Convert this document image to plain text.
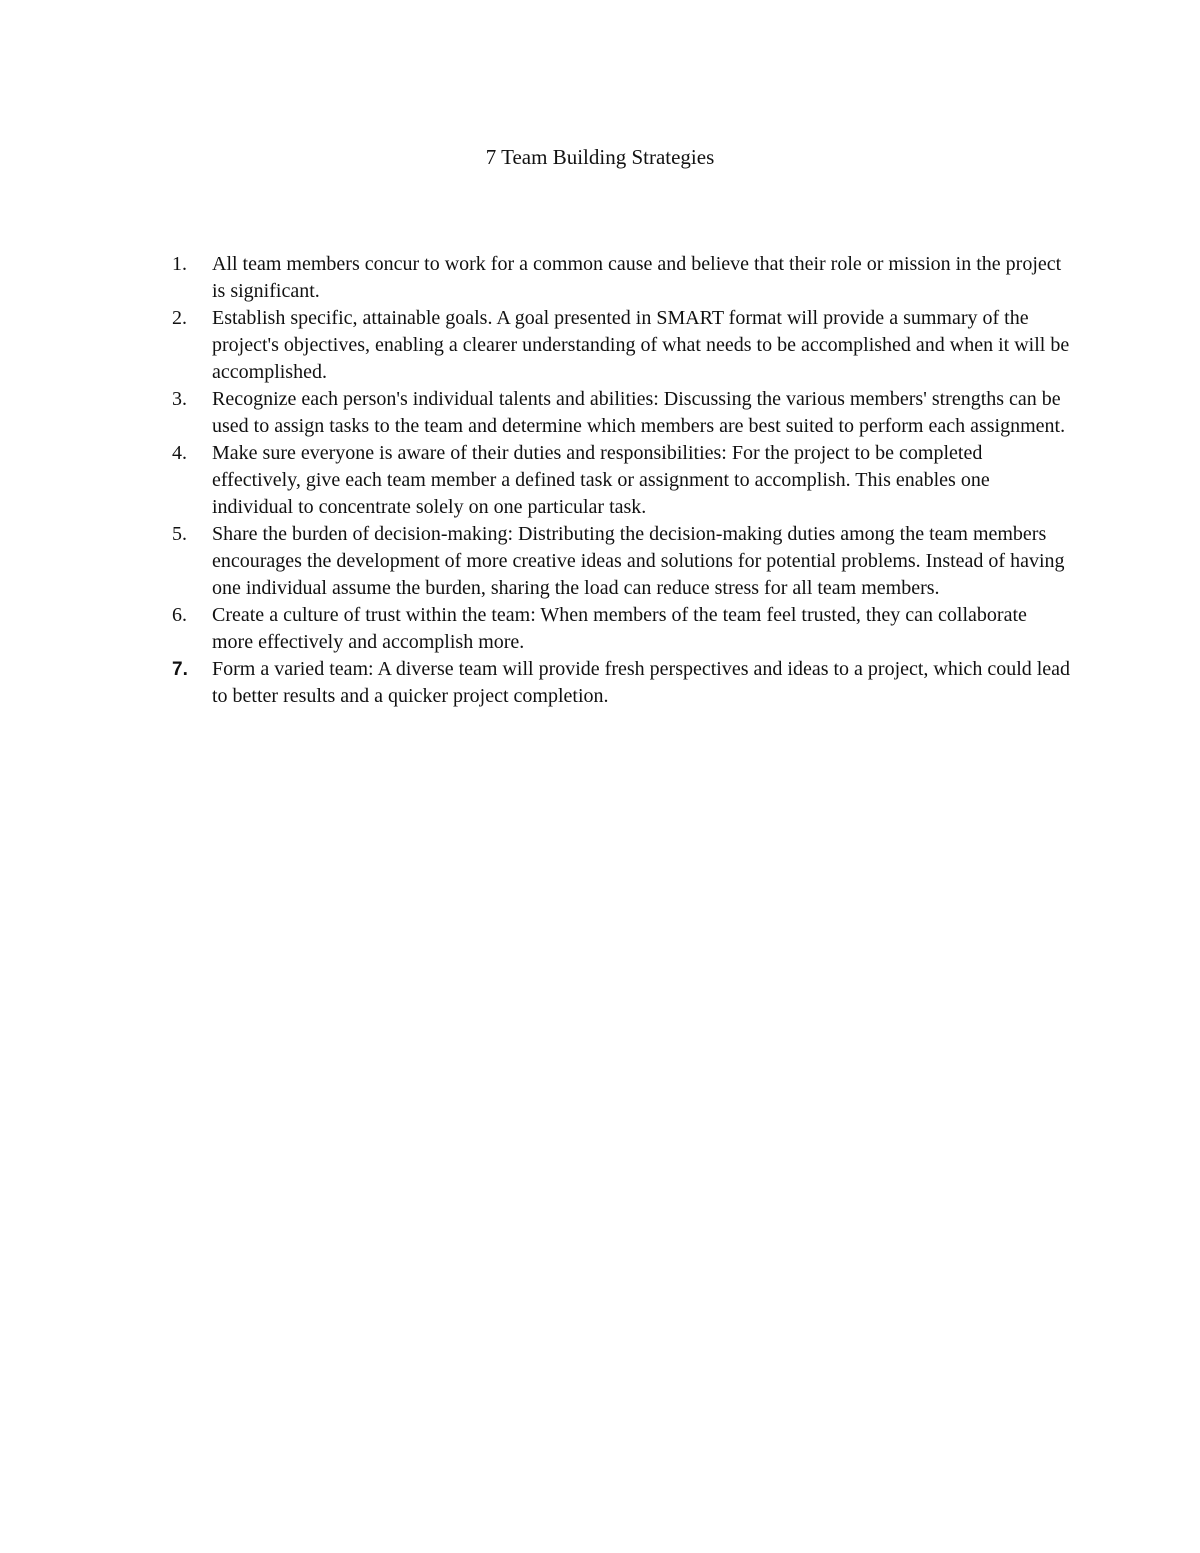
7 Team Building Strategies
1.	All team members concur to work for a common cause and believe that their role or mission in the project is significant.
2.	Establish specific, attainable goals. A goal presented in SMART format will provide a summary of the project's objectives, enabling a clearer understanding of what needs to be accomplished and when it will be accomplished.
3.	Recognize each person's individual talents and abilities: Discussing the various members' strengths can be used to assign tasks to the team and determine which members are best suited to perform each assignment.
4.	Make sure everyone is aware of their duties and responsibilities: For the project to be completed effectively, give each team member a defined task or assignment to accomplish. This enables one individual to concentrate solely on one particular task.
5.	Share the burden of decision-making: Distributing the decision-making duties among the team members encourages the development of more creative ideas and solutions for potential problems. Instead of having one individual assume the burden, sharing the load can reduce stress for all team members.
6.	Create a culture of trust within the team: When members of the team feel trusted, they can collaborate more effectively and accomplish more.
7.	Form a varied team: A diverse team will provide fresh perspectives and ideas to a project, which could lead to better results and a quicker project completion.
